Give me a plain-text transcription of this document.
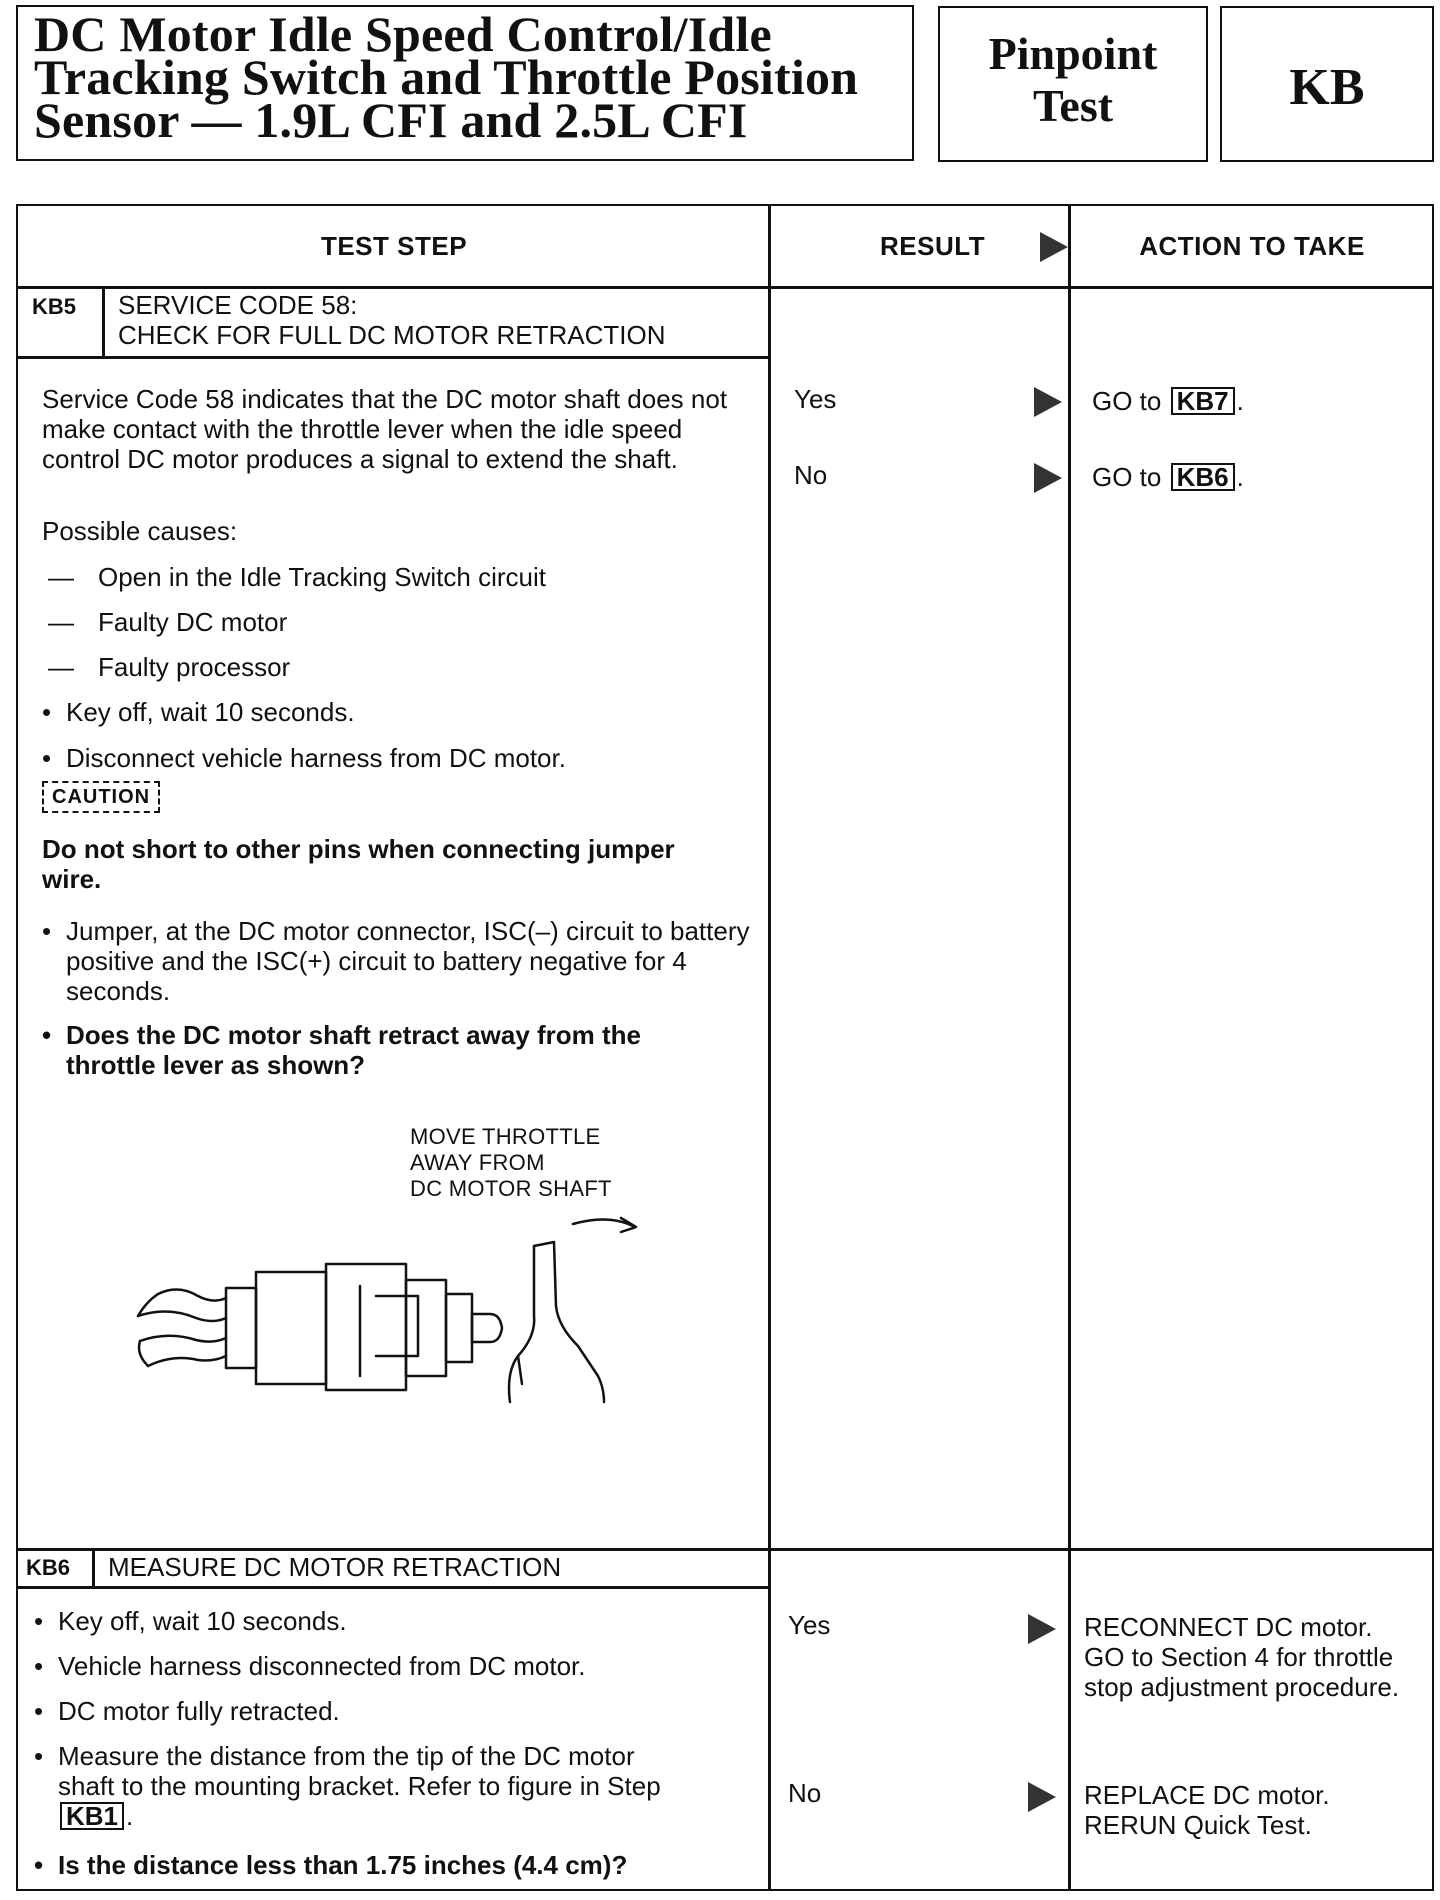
DC Motor Idle Speed Control/Idle
Tracking Switch and Throttle Position
Sensor — 1.9L CFI and 2.5L CFI
Pinpoint
Test	KB
TEST STEP	RESULT	ACTION TO TAKE
KB5 SERVICE CODE 58:
CHECK FOR FULL DC MOTOR RETRACTION
Service Code 58 indicates that the DC motor shaft does not make contact with the throttle lever when the idle speed control DC motor produces a signal to extend the shaft.
Possible causes:
— Open in the Idle Tracking Switch circuit
— Faulty DC motor
— Faulty processor
• Key off, wait 10 seconds.
• Disconnect vehicle harness from DC motor.
CAUTION
Do not short to other pins when connecting jumper wire.
• Jumper, at the DC motor connector, ISC(–) circuit to battery positive and the ISC(+) circuit to battery negative for 4 seconds.
• Does the DC motor shaft retract away from the throttle lever as shown?
MOVE THROTTLE
AWAY FROM
DC MOTOR SHAFT
Yes	GO to KB7 .
No	GO to KB6 .
KB6 MEASURE DC MOTOR RETRACTION
• Key off, wait 10 seconds.
• Vehicle harness disconnected from DC motor.
• DC motor fully retracted.
• Measure the distance from the tip of the DC motor shaft to the mounting bracket. Refer to figure in Step KB1 .
• Is the distance less than 1.75 inches (4.4 cm)?
Yes	RECONNECT DC motor. GO to Section 4 for throttle stop adjustment procedure.
No	REPLACE DC motor. RERUN Quick Test.
